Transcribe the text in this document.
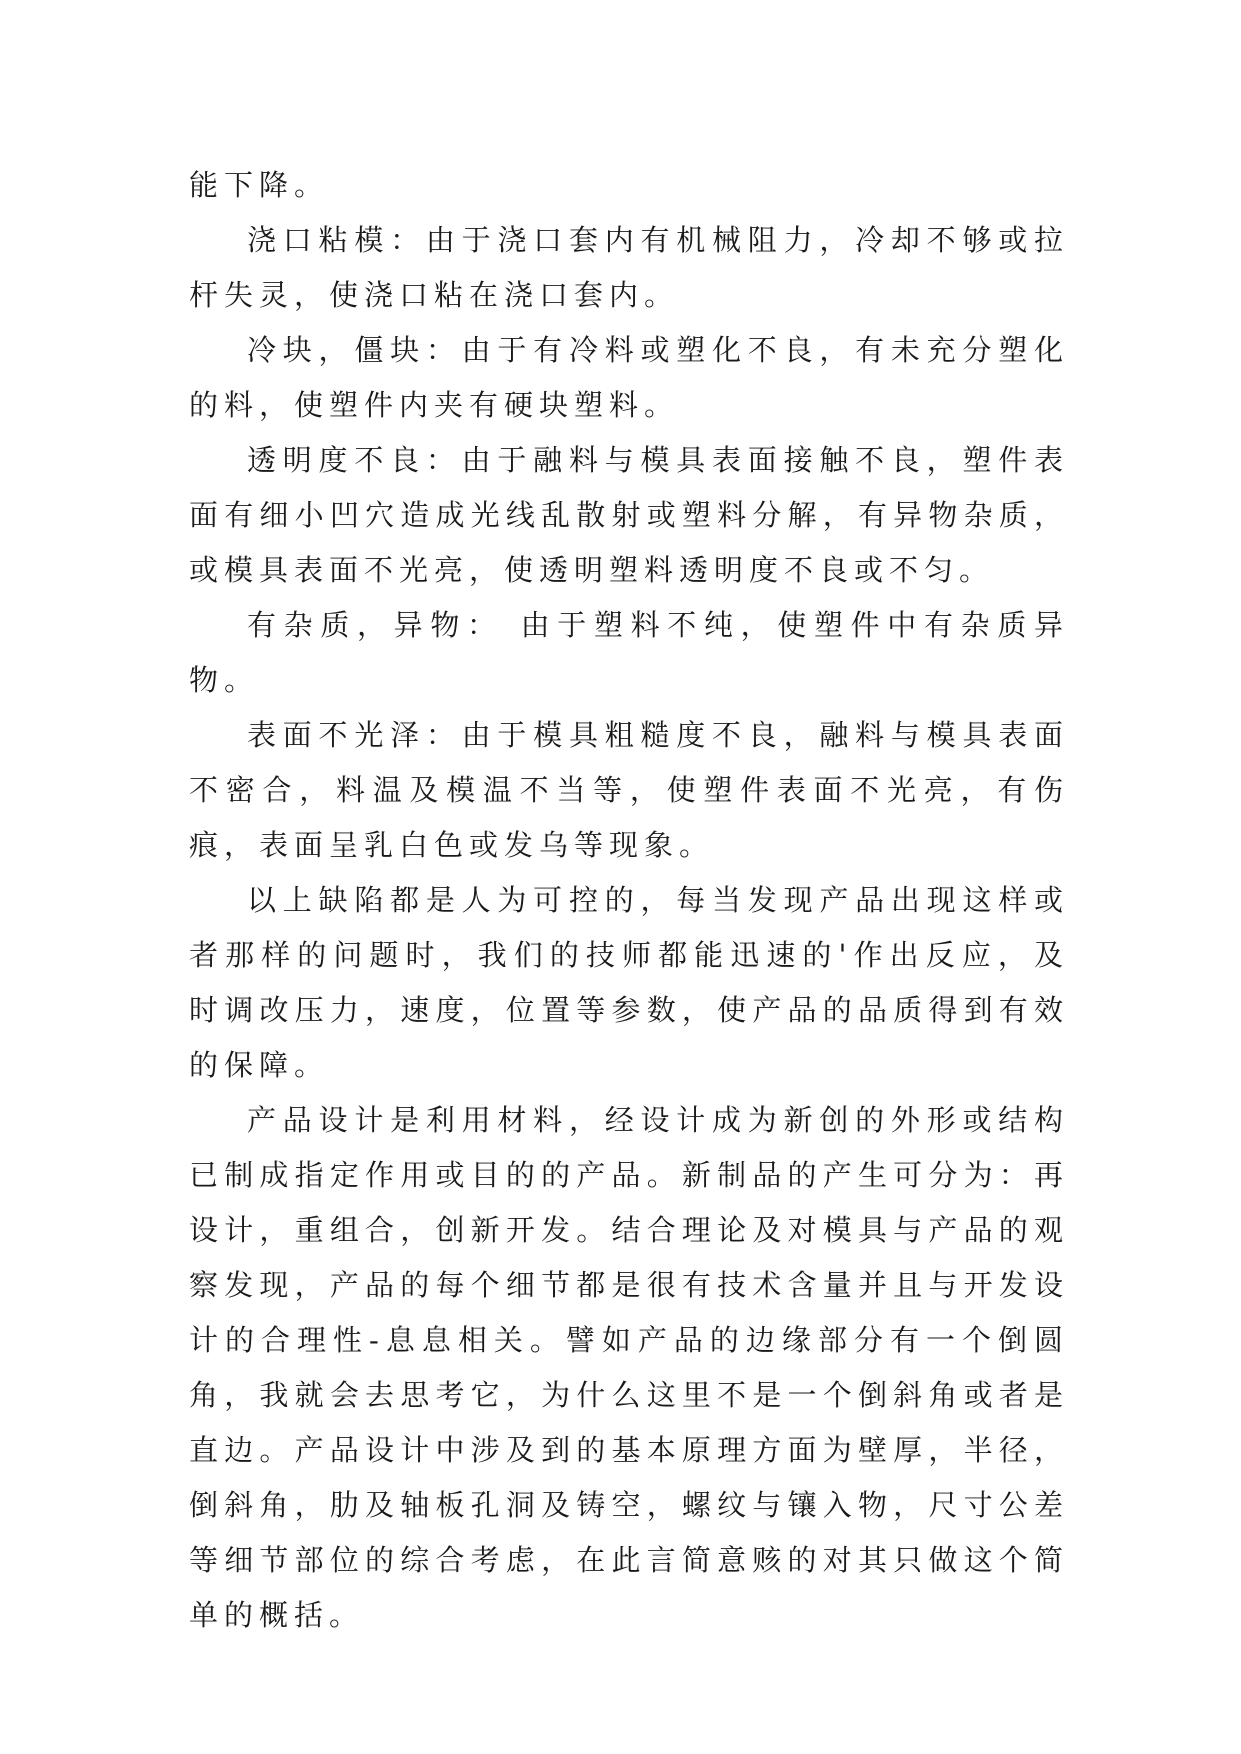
能下降。

浇口粘模：由于浇口套内有机械阻力，冷却不够或拉杆失灵，使浇口粘在浇口套内。

冷块，僵块：由于有冷料或塑化不良，有未充分塑化的料，使塑件内夹有硬块塑料。

透明度不良：由于融料与模具表面接触不良，塑件表面有细小凹穴造成光线乱散射或塑料分解，有异物杂质，或模具表面不光亮，使透明塑料透明度不良或不匀。

有杂质，异物： 由于塑料不纯，使塑件中有杂质异物。

表面不光泽：由于模具粗糙度不良，融料与模具表面不密合，料温及模温不当等，使塑件表面不光亮，有伤痕，表面呈乳白色或发乌等现象。

以上缺陷都是人为可控的，每当发现产品出现这样或者那样的问题时，我们的技师都能迅速的'作出反应，及时调改压力，速度，位置等参数，使产品的品质得到有效的保障。

产品设计是利用材料，经设计成为新创的外形或结构已制成指定作用或目的的产品。新制品的产生可分为：再设计，重组合，创新开发。结合理论及对模具与产品的观察发现，产品的每个细节都是很有技术含量并且与开发设计的合理性-息息相关。譬如产品的边缘部分有一个倒圆角，我就会去思考它，为什么这里不是一个倒斜角或者是直边。产品设计中涉及到的基本原理方面为壁厚，半径，倒斜角，肋及轴板孔洞及铸空，螺纹与镶入物，尺寸公差等细节部位的综合考虑，在此言简意赅的对其只做这个简单的概括。
